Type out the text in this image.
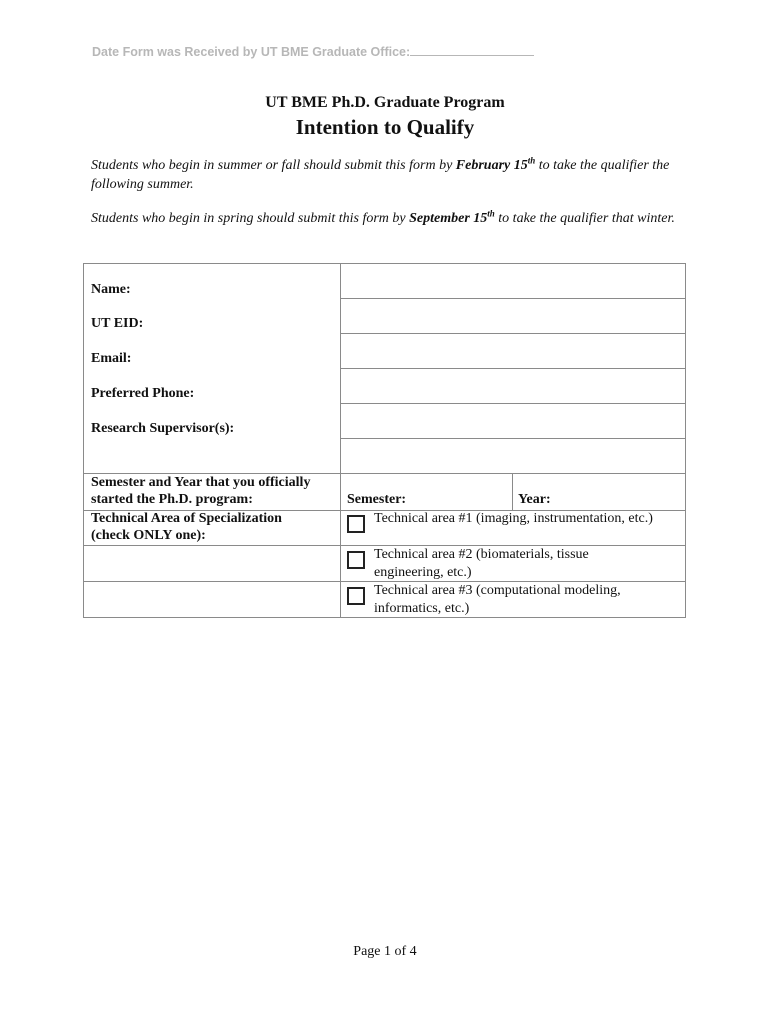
Date Form was Received by UT BME Graduate Office:
UT BME Ph.D. Graduate Program
Intention to Qualify
Students who begin in summer or fall should submit this form by February 15th to take the qualifier the following summer.
Students who begin in spring should submit this form by September 15th to take the qualifier that winter.
Name:
UT EID:
Email:
Preferred Phone:
Research Supervisor(s):
Semester and Year that you officially
started the Ph.D. program:	Semester:	Year:
Technical Area of Specialization
(check ONLY one):
Technical area #1 (imaging, instrumentation, etc.)
Technical area #2 (biomaterials, tissue
engineering, etc.)
Technical area #3 (computational modeling,
informatics, etc.)
Page 1 of 4
